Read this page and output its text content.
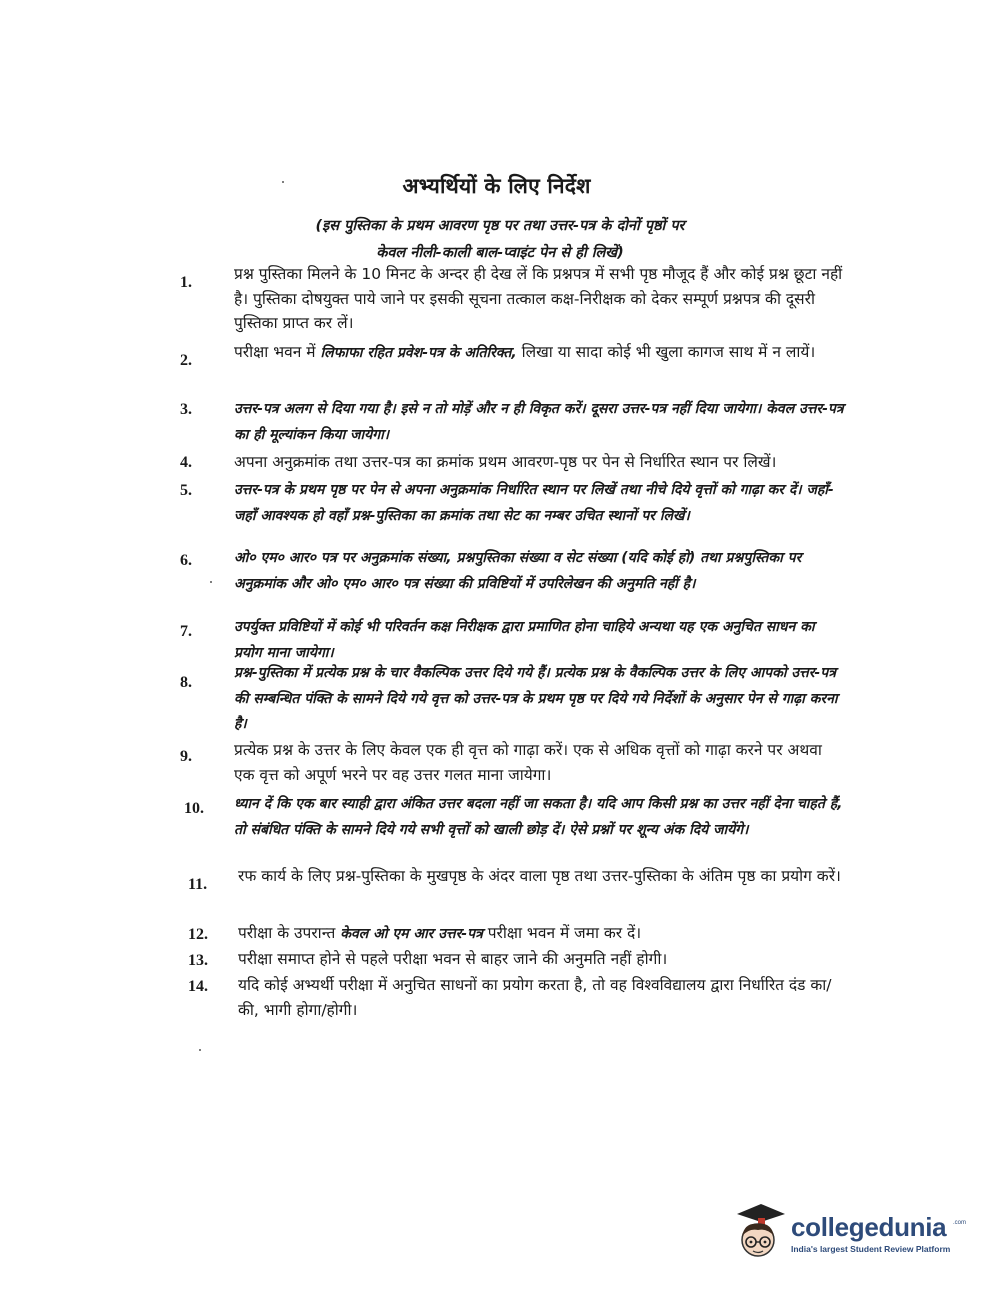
अभ्यर्थियों के लिए निर्देश
(इस पुस्तिका के प्रथम आवरण पृष्ठ पर तथा उत्तर-पत्र के दोनों पृष्ठों पर
केवल नीली-काली बाल-प्वाइंट पेन से ही लिखें)
1.	प्रश्न पुस्तिका मिलने के 10 मिनट के अन्दर ही देख लें कि प्रश्नपत्र में सभी पृष्ठ मौजूद हैं और कोई प्रश्न छूटा नहीं है। पुस्तिका दोषयुक्त पाये जाने पर इसकी सूचना तत्काल कक्ष-निरीक्षक को देकर सम्पूर्ण प्रश्नपत्र की दूसरी पुस्तिका प्राप्त कर लें।
2.	परीक्षा भवन में लिफाफा रहित प्रवेश-पत्र के अतिरिक्त, लिखा या सादा कोई भी खुला कागज साथ में न लायें।
3.	उत्तर-पत्र अलग से दिया गया है। इसे न तो मोड़ें और न ही विकृत करें। दूसरा उत्तर-पत्र नहीं दिया जायेगा। केवल उत्तर-पत्र का ही मूल्यांकन किया जायेगा।
4.	अपना अनुक्रमांक तथा उत्तर-पत्र का क्रमांक प्रथम आवरण-पृष्ठ पर पेन से निर्धारित स्थान पर लिखें।
5.	उत्तर-पत्र के प्रथम पृष्ठ पर पेन से अपना अनुक्रमांक निर्धारित स्थान पर लिखें तथा नीचे दिये वृत्तों को गाढ़ा कर दें। जहाँ-जहाँ आवश्यक हो वहाँ प्रश्न-पुस्तिका का क्रमांक तथा सेट का नम्बर उचित स्थानों पर लिखें।
6.	ओ० एम० आर० पत्र पर अनुक्रमांक संख्या, प्रश्नपुस्तिका संख्या व सेट संख्या (यदि कोई हो) तथा प्रश्नपुस्तिका पर अनुक्रमांक और ओ० एम० आर० पत्र संख्या की प्रविष्टियों में उपरिलेखन की अनुमति नहीं है।
7.	उपर्युक्त प्रविष्टियों में कोई भी परिवर्तन कक्ष निरीक्षक द्वारा प्रमाणित होना चाहिये अन्यथा यह एक अनुचित साधन का प्रयोग माना जायेगा।
8.
प्रश्न-पुस्तिका में प्रत्येक प्रश्न के चार वैकल्पिक उत्तर दिये गये हैं। प्रत्येक प्रश्न के वैकल्पिक उत्तर के लिए आपको उत्तर-पत्र की सम्बन्धित पंक्ति के सामने दिये गये वृत्त को उत्तर-पत्र के प्रथम पृष्ठ पर दिये गये निर्देशों के अनुसार पेन से गाढ़ा करना है।
9.	प्रत्येक प्रश्न के उत्तर के लिए केवल एक ही वृत्त को गाढ़ा करें। एक से अधिक वृत्तों को गाढ़ा करने पर अथवा एक वृत्त को अपूर्ण भरने पर वह उत्तर गलत माना जायेगा।
10.	ध्यान दें कि एक बार स्याही द्वारा अंकित उत्तर बदला नहीं जा सकता है। यदि आप किसी प्रश्न का उत्तर नहीं देना चाहते हैं, तो संबंधित पंक्ति के सामने दिये गये सभी वृत्तों को खाली छोड़ दें। ऐसे प्रश्नों पर शून्य अंक दिये जायेंगे।
11.	रफ कार्य के लिए प्रश्न-पुस्तिका के मुखपृष्ठ के अंदर वाला पृष्ठ तथा उत्तर-पुस्तिका के अंतिम पृष्ठ का प्रयोग करें।
12.	परीक्षा के उपरान्त केवल ओ एम आर उत्तर-पत्र परीक्षा भवन में जमा कर दें।
13.	परीक्षा समाप्त होने से पहले परीक्षा भवन से बाहर जाने की अनुमति नहीं होगी।
14.	यदि कोई अभ्यर्थी परीक्षा में अनुचित साधनों का प्रयोग करता है, तो वह विश्वविद्यालय द्वारा निर्धारित दंड का/की, भागी होगा/होगी।
collegedunia .com
India's largest Student Review Platform
